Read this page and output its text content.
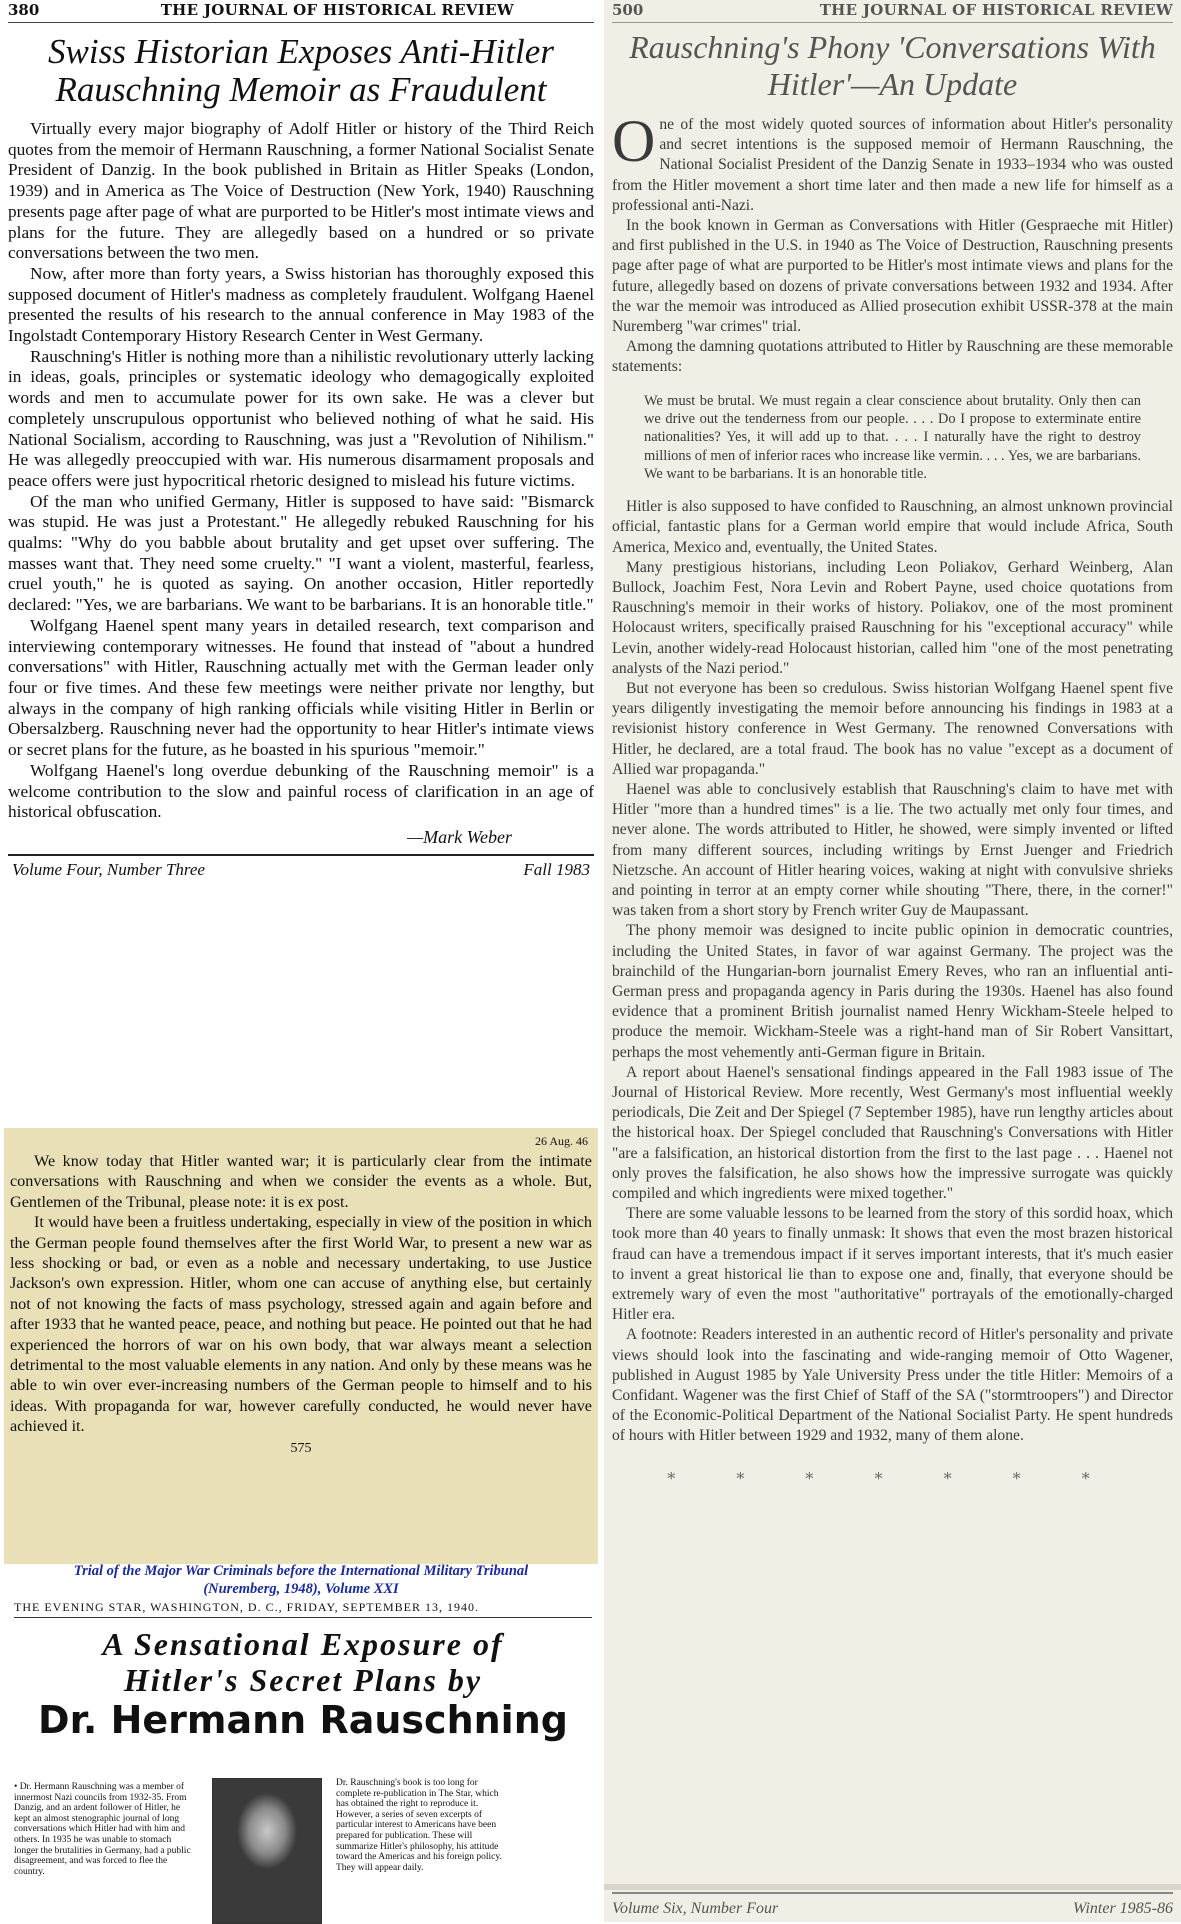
380	THE JOURNAL OF HISTORICAL REVIEW
Swiss Historian Exposes Anti-Hitler Rauschning Memoir as Fraudulent

Virtually every major biography of Adolf Hitler or history of the Third Reich quotes from the memoir of Hermann Rauschning, a former National Socialist Senate President of Danzig. In the book published in Britain as Hitler Speaks (London, 1939) and in America as The Voice of Destruction (New York, 1940) Rauschning presents page after page of what are purported to be Hitler's most intimate views and plans for the future. They are allegedly based on a hundred or so private conversations between the two men.

Now, after more than forty years, a Swiss historian has thoroughly exposed this supposed document of Hitler's madness as completely fraudulent. Wolfgang Haenel presented the results of his research to the annual conference in May 1983 of the Ingolstadt Contemporary History Research Center in West Germany.

Rauschning's Hitler is nothing more than a nihilistic revolutionary utterly lacking in ideas, goals, principles or systematic ideology who demagogically exploited words and men to accumulate power for its own sake. He was a clever but completely unscrupulous opportunist who believed nothing of what he said. His National Socialism, according to Rauschning, was just a "Revolution of Nihilism." He was allegedly preoccupied with war. His numerous disarmament proposals and peace offers were just hypocritical rhetoric designed to mislead his future victims.

Of the man who unified Germany, Hitler is supposed to have said: "Bismarck was stupid. He was just a Protestant." He allegedly rebuked Rauschning for his qualms: "Why do you babble about brutality and get upset over suffering. The masses want that. They need some cruelty." "I want a violent, masterful, fearless, cruel youth," he is quoted as saying. On another occasion, Hitler reportedly declared: "Yes, we are barbarians. We want to be barbarians. It is an honorable title."

Wolfgang Haenel spent many years in detailed research, text comparison and interviewing contemporary witnesses. He found that instead of "about a hundred conversations" with Hitler, Rauschning actually met with the German leader only four or five times. And these few meetings were neither private nor lengthy, but always in the company of high ranking officials while visiting Hitler in Berlin or Obersalzberg. Rauschning never had the opportunity to hear Hitler's intimate views or secret plans for the future, as he boasted in his spurious "memoir."

Wolfgang Haenel's long overdue debunking of the Rauschning memoir" is a welcome contribution to the slow and painful rocess of clarification in an age of historical obfuscation.

—Mark Weber
Volume Four, Number Three	Fall 1983
26 Aug. 46

We know today that Hitler wanted war; it is particularly clear from the intimate conversations with Rauschning and when we consider the events as a whole. But, Gentlemen of the Tribunal, please note: it is ex post.

It would have been a fruitless undertaking, especially in view of the position in which the German people found themselves after the first World War, to present a new war as less shocking or bad, or even as a noble and necessary undertaking, to use Justice Jackson's own expression. Hitler, whom one can accuse of anything else, but certainly not of not knowing the facts of mass psychology, stressed again and again before and after 1933 that he wanted peace, peace, and nothing but peace. He pointed out that he had experienced the horrors of war on his own body, that war always meant a selection detrimental to the most valuable elements in any nation. And only by these means was he able to win over ever-increasing numbers of the German people to himself and to his ideas. With propaganda for war, however carefully conducted, he would never have achieved it.

575
Trial of the Major War Criminals before the International Military Tribunal
(Nuremberg, 1948), Volume XXI
THE EVENING STAR, WASHINGTON, D. C., FRIDAY, SEPTEMBER 13, 1940.
A Sensational Exposure of
Hitler's Secret Plans by
Dr. Hermann Rauschning
• Dr. Hermann Rauschning was a member of innermost Nazi councils from 1932-35. From Danzig, and an ardent follower of Hitler, he kept an almost stenographic journal of long conversations which Hitler had with him and others. In 1935 he was unable to stomach longer the brutalities in Germany, had a public disagreement, and was forced to flee the country.
Dr. Rauschning's book is too long for complete re-publication in The Star, which has obtained the right to reproduce it. However, a series of seven excerpts of particular interest to Americans have been prepared for publication. These will summarize Hitler's philosophy, his attitude toward the Americas and his foreign policy. They will appear daily.
500	THE JOURNAL OF HISTORICAL REVIEW
Rauschning's Phony 'Conversations With Hitler'—An Update

One of the most widely quoted sources of information about Hitler's personality and secret intentions is the supposed memoir of Hermann Rauschning, the National Socialist President of the Danzig Senate in 1933–1934 who was ousted from the Hitler movement a short time later and then made a new life for himself as a professional anti-Nazi.

In the book known in German as Conversations with Hitler (Gespraeche mit Hitler) and first published in the U.S. in 1940 as The Voice of Destruction, Rauschning presents page after page of what are purported to be Hitler's most intimate views and plans for the future, allegedly based on dozens of private conversations between 1932 and 1934. After the war the memoir was introduced as Allied prosecution exhibit USSR-378 at the main Nuremberg "war crimes" trial.

Among the damning quotations attributed to Hitler by Rauschning are these memorable statements:

We must be brutal. We must regain a clear conscience about brutality. Only then can we drive out the tenderness from our people. . . . Do I propose to exterminate entire nationalities? Yes, it will add up to that. . . . I naturally have the right to destroy millions of men of inferior races who increase like vermin. . . . Yes, we are barbarians. We want to be barbarians. It is an honorable title.

Hitler is also supposed to have confided to Rauschning, an almost unknown provincial official, fantastic plans for a German world empire that would include Africa, South America, Mexico and, eventually, the United States.

Many prestigious historians, including Leon Poliakov, Gerhard Weinberg, Alan Bullock, Joachim Fest, Nora Levin and Robert Payne, used choice quotations from Rauschning's memoir in their works of history. Poliakov, one of the most prominent Holocaust writers, specifically praised Rauschning for his "exceptional accuracy" while Levin, another widely-read Holocaust historian, called him "one of the most penetrating analysts of the Nazi period."

But not everyone has been so credulous. Swiss historian Wolfgang Haenel spent five years diligently investigating the memoir before announcing his findings in 1983 at a revisionist history conference in West Germany. The renowned Conversations with Hitler, he declared, are a total fraud. The book has no value "except as a document of Allied war propaganda."

Haenel was able to conclusively establish that Rauschning's claim to have met with Hitler "more than a hundred times" is a lie. The two actually met only four times, and never alone. The words attributed to Hitler, he showed, were simply invented or lifted from many different sources, including writings by Ernst Juenger and Friedrich Nietzsche. An account of Hitler hearing voices, waking at night with convulsive shrieks and pointing in terror at an empty corner while shouting "There, there, in the corner!" was taken from a short story by French writer Guy de Maupassant.

The phony memoir was designed to incite public opinion in democratic countries, including the United States, in favor of war against Germany. The project was the brainchild of the Hungarian-born journalist Emery Reves, who ran an influential anti-German press and propaganda agency in Paris during the 1930s. Haenel has also found evidence that a prominent British journalist named Henry Wickham-Steele helped to produce the memoir. Wickham-Steele was a right-hand man of Sir Robert Vansittart, perhaps the most vehemently anti-German figure in Britain.

A report about Haenel's sensational findings appeared in the Fall 1983 issue of The Journal of Historical Review. More recently, West Germany's most influential weekly periodicals, Die Zeit and Der Spiegel (7 September 1985), have run lengthy articles about the historical hoax. Der Spiegel concluded that Rauschning's Conversations with Hitler "are a falsification, an historical distortion from the first to the last page . . . Haenel not only proves the falsification, he also shows how the impressive surrogate was quickly compiled and which ingredients were mixed together."

There are some valuable lessons to be learned from the story of this sordid hoax, which took more than 40 years to finally unmask: It shows that even the most brazen historical fraud can have a tremendous impact if it serves important interests, that it's much easier to invent a great historical lie than to expose one and, finally, that everyone should be extremely wary of even the most "authoritative" portrayals of the emotionally-charged Hitler era.

A footnote: Readers interested in an authentic record of Hitler's personality and private views should look into the fascinating and wide-ranging memoir of Otto Wagener, published in August 1985 by Yale University Press under the title Hitler: Memoirs of a Confidant. Wagener was the first Chief of Staff of the SA ("stormtroopers") and Director of the Economic-Political Department of the National Socialist Party. He spent hundreds of hours with Hitler between 1929 and 1932, many of them alone.

* * * * * * *
Volume Six, Number Four	Winter 1985-86
